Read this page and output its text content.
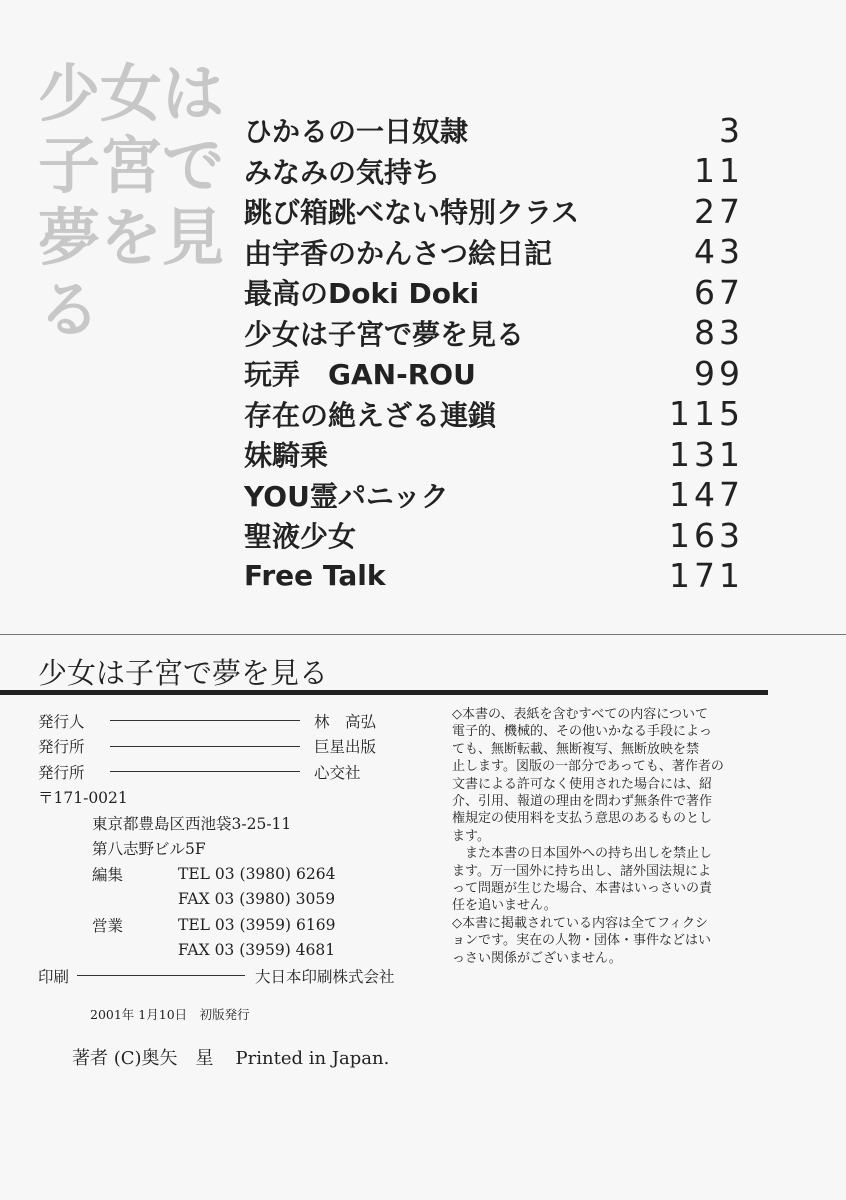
少女は
子宮で
夢を見
る
ひかるの一日奴隷	3
みなみの気持ち	11
跳び箱跳べない特別クラス	27
由宇香のかんさつ絵日記	43
最高のDoki Doki	67
少女は子宮で夢を見る	83
玩弄　GAN-ROU	99
存在の絶えざる連鎖	115
妹騎乗	131
YOU霊パニック	147
聖液少女	163
Free Talk	171
少女は子宮で夢を見る
発行人	林　高弘
発行所	巨星出版
発行所	心交社
〒171-0021
東京都豊島区西池袋3-25-11
第八志野ビル5F
編集	TEL 03 (3980) 6264
FAX 03 (3980) 3059
営業	TEL 03 (3959) 6169
FAX 03 (3959) 4681
印刷	大日本印刷株式会社

◇本書の、表紙を含むすべての内容について

電子的、機械的、その他いかなる手段によっ

ても、無断転載、無断複写、無断放映を禁

止します。図版の一部分であっても、著作者の

文書による許可なく使用された場合には、紹

介、引用、報道の理由を問わず無条件で著作

権規定の使用料を支払う意思のあるものとし

ます。

　また本書の日本国外への持ち出しを禁止し

ます。万一国外に持ち出し、諸外国法規によ

って問題が生じた場合、本書はいっさいの責

任を追いません。

◇本書に掲載されている内容は全てフィクシ

ョンです。実在の人物・団体・事件などはい

っさい関係がございません。

2001年 1月10日　初版発行
著者 (C)奥矢　星 Printed in Japan.
